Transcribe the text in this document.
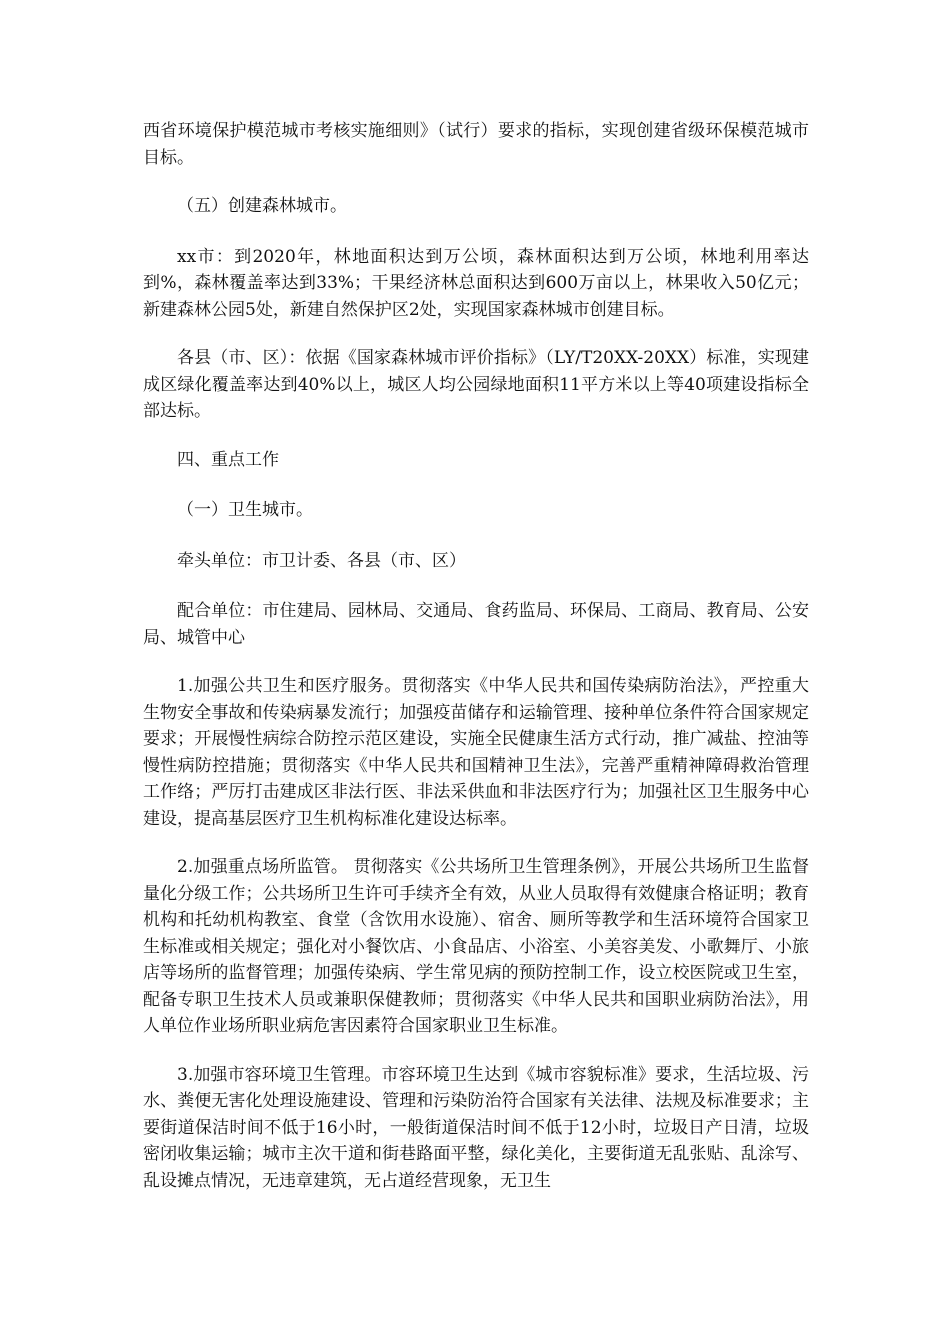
西省环境保护模范城市考核实施细则》（试行）要求的指标，实现创建省级环保模范城市目标。

（五）创建森林城市。

xx市：到2020年，林地面积达到万公顷，森林面积达到万公顷，林地利用率达到%，森林覆盖率达到33%；干果经济林总面积达到600万亩以上，林果收入50亿元；新建森林公园5处，新建自然保护区2处，实现国家森林城市创建目标。

各县（市、区）：依据《国家森林城市评价指标》（LY/T20XX-20XX）标准，实现建成区绿化覆盖率达到40%以上，城区人均公园绿地面积11平方米以上等40项建设指标全部达标。

四、重点工作

（一）卫生城市。

牵头单位：市卫计委、各县（市、区）

配合单位：市住建局、园林局、交通局、食药监局、环保局、工商局、教育局、公安局、城管中心

1.加强公共卫生和医疗服务。贯彻落实《中华人民共和国传染病防治法》，严控重大生物安全事故和传染病暴发流行；加强疫苗储存和运输管理、接种单位条件符合国家规定要求；开展慢性病综合防控示范区建设，实施全民健康生活方式行动，推广减盐、控油等慢性病防控措施；贯彻落实《中华人民共和国精神卫生法》，完善严重精神障碍救治管理工作络；严厉打击建成区非法行医、非法采供血和非法医疗行为；加强社区卫生服务中心建设，提高基层医疗卫生机构标准化建设达标率。

2.加强重点场所监管。 贯彻落实《公共场所卫生管理条例》，开展公共场所卫生监督量化分级工作；公共场所卫生许可手续齐全有效，从业人员取得有效健康合格证明；教育机构和托幼机构教室、食堂（含饮用水设施）、宿舍、厕所等教学和生活环境符合国家卫生标准或相关规定；强化对小餐饮店、小食品店、小浴室、小美容美发、小歌舞厅、小旅店等场所的监督管理；加强传染病、学生常见病的预防控制工作，设立校医院或卫生室，配备专职卫生技术人员或兼职保健教师；贯彻落实《中华人民共和国职业病防治法》，用人单位作业场所职业病危害因素符合国家职业卫生标准。

3.加强市容环境卫生管理。市容环境卫生达到《城市容貌标准》要求，生活垃圾、污水、粪便无害化处理设施建设、管理和污染防治符合国家有关法律、法规及标准要求；主要街道保洁时间不低于16小时，一般街道保洁时间不低于12小时，垃圾日产日清，垃圾密闭收集运输；城市主次干道和街巷路面平整，绿化美化，主要街道无乱张贴、乱涂写、乱设摊点情况，无违章建筑，无占道经营现象，无卫生
